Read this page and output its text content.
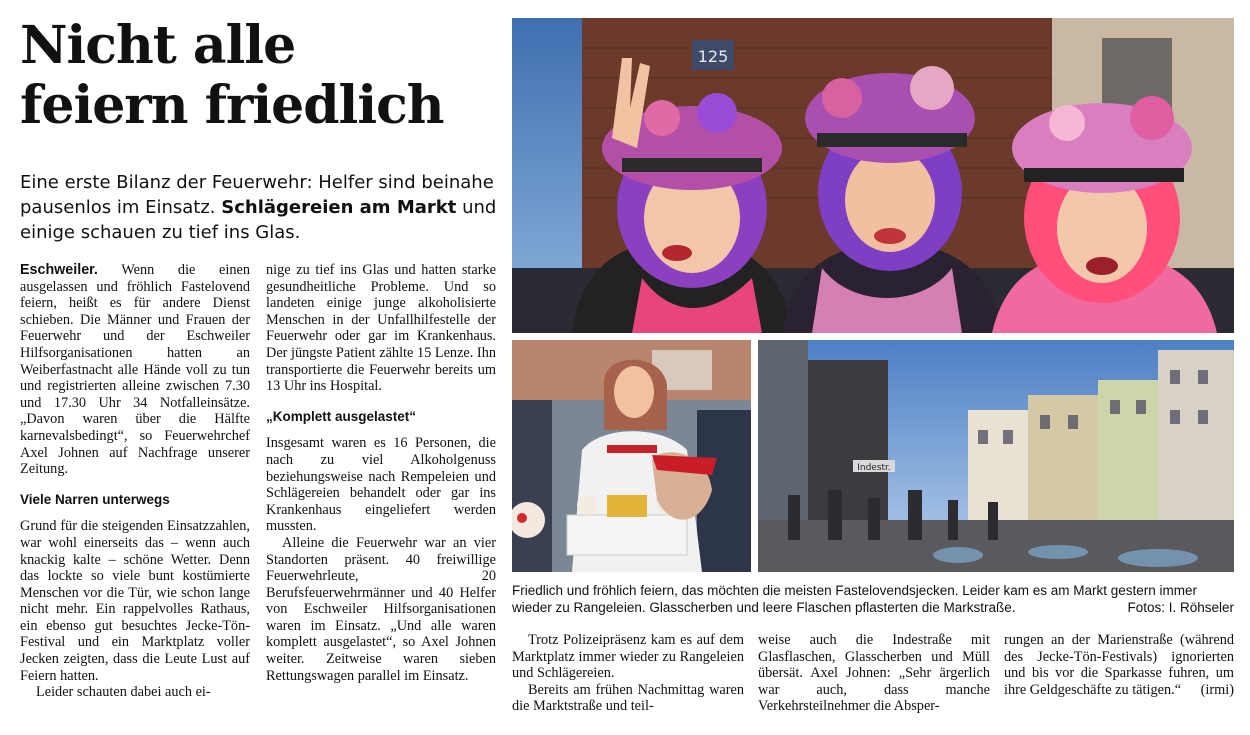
Nicht alle
feiern friedlich
Eine erste Bilanz der Feuerwehr: Helfer sind beinahe pausenlos im Einsatz. Schlägereien am Markt und einige schauen zu tief ins Glas.

Eschweiler. Wenn die einen ausgelassen und fröhlich Fastelovend feiern, heißt es für andere Dienst schieben. Die Männer und Frauen der Feuerwehr und der Eschweiler Hilfsorganisationen hatten an Weiberfastnacht alle Hände voll zu tun und registrierten alleine zwischen 7.30 und 17.30 Uhr 34 Notfalleinsätze. „Davon waren über die Hälfte karnevalsbedingt“, so Feuerwehrchef Axel Johnen auf Nachfrage unserer Zeitung.

Viele Narren unterwegs

Grund für die steigenden Einsatzzahlen, war wohl einerseits das – wenn auch knackig kalte – schöne Wetter. Denn das lockte so viele bunt kostümierte Menschen vor die Tür, wie schon lange nicht mehr. Ein rappelvolles Rathaus, ein ebenso gut besuchtes Jecke-Tön-Festival und ein Marktplatz voller Jecken zeigten, dass die Leute Lust auf Feiern hatten.

Leider schauten dabei auch ei-

nige zu tief ins Glas und hatten starke gesundheitliche Probleme. Und so landeten einige junge alkoholisierte Menschen in der Unfallhilfestelle der Feuerwehr oder gar im Krankenhaus. Der jüngste Patient zählte 15 Lenze. Ihn transportierte die Feuerwehr bereits um 13 Uhr ins Hospital.

„Komplett ausgelastet“

Insgesamt waren es 16 Personen, die nach zu viel Alkoholgenuss beziehungsweise nach Rempeleien und Schlägereien behandelt oder gar ins Krankenhaus eingeliefert werden mussten.

Alleine die Feuerwehr war an vier Standorten präsent. 40 freiwillige Feuerwehrleute, 20 Berufsfeuerwehrmänner und 40 Helfer von Eschweiler Hilfsorganisationen waren im Einsatz. „Und alle waren komplett ausgelastet“, so Axel Johnen weiter. Zeitweise waren sieben Rettungswagen parallel im Einsatz.

125
Indestr.
Friedlich und fröhlich feiern, das möchten die meisten Fastelovendsjecken. Leider kam es am Markt gestern immer wieder zu Rangeleien. Glasscherben und leere Flaschen pflasterten die Markstraße.	Fotos: I. Röhseler

Trotz Polizeipräsenz kam es auf dem Marktplatz immer wieder zu Rangeleien und Schlägereien.

Bereits am frühen Nachmittag waren die Marktstraße und teil-

weise auch die Indestraße mit Glasflaschen, Glasscherben und Müll übersät. Axel Johnen: „Sehr ärgerlich war auch, dass manche Verkehrsteilnehmer die Absper-

rungen an der Marienstraße (während des Jecke-Tön-Festivals) ignorierten und bis vor die Sparkasse fuhren, um ihre Geldgeschäfte zu tätigen.“ (irmi)
